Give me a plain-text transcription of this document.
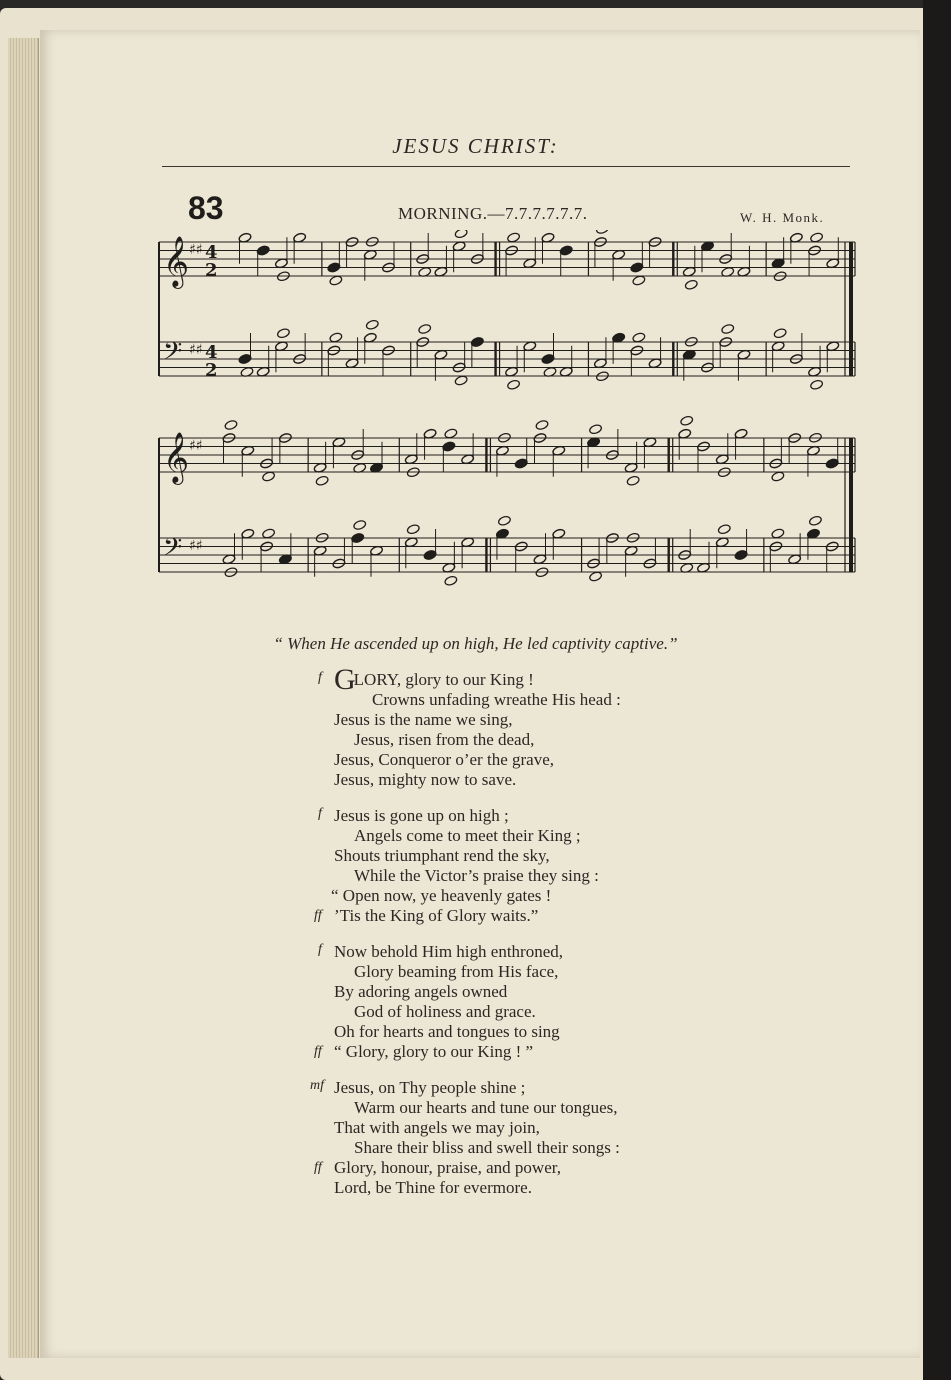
JESUS CHRIST:
83	MORNING.—7.7.7.7.7.7.	W. H. Monk.
𝄞 ♯♯ 4
2
𝄢 ♯♯ 4
2
𝄞 ♯♯
𝄢 ♯♯
“ When He ascended up on high, He led captivity captive.”
f GLORY, glory to our King !
Crowns unfading wreathe His head :
Jesus is the name we sing,
Jesus, risen from the dead,
Jesus, Conqueror o’er the grave,
Jesus, mighty now to save.
f Jesus is gone up on high ;
Angels come to meet their King ;
Shouts triumphant rend the sky,
While the Victor’s praise they sing :
“ Open now, ye heavenly gates !
ff ’Tis the King of Glory waits.”
f Now behold Him high enthroned,
Glory beaming from His face,
By adoring angels owned
God of holiness and grace.
Oh for hearts and tongues to sing
ff “ Glory, glory to our King ! ”
mf Jesus, on Thy people shine ;
Warm our hearts and tune our tongues,
That with angels we may join,
Share their bliss and swell their songs :
ff Glory, honour, praise, and power,
Lord, be Thine for evermore.
